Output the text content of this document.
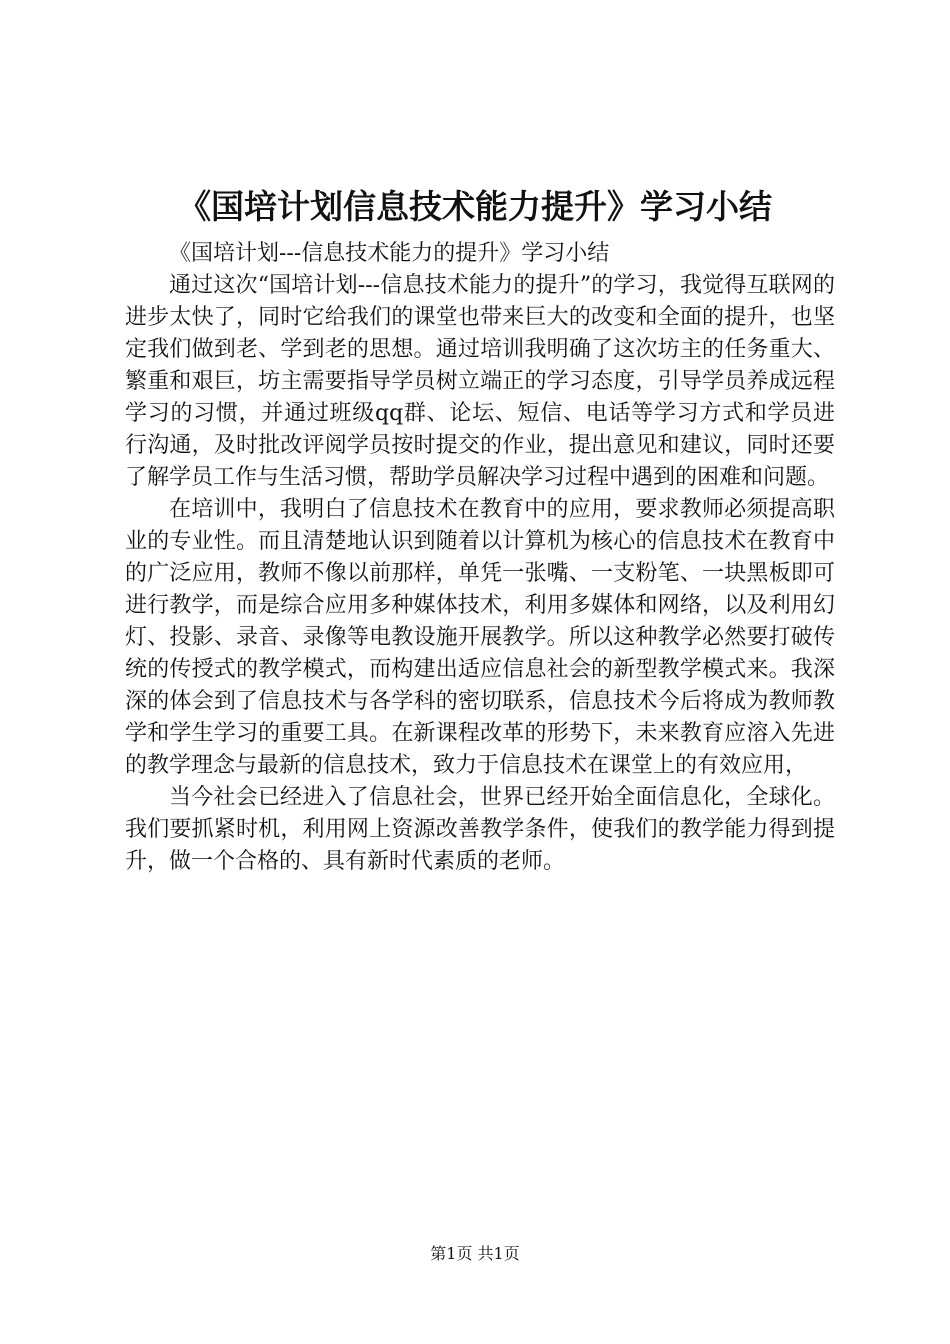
《国培计划信息技术能力提升》学习小结

《国培计划---信息技术能力的提升》学习小结

通过这次“国培计划---信息技术能力的提升”的学习，我觉得互联网的进步太快了，同时它给我们的课堂也带来巨大的改变和全面的提升，也坚定我们做到老、学到老的思想。通过培训我明确了这次坊主的任务重大、繁重和艰巨，坊主需要指导学员树立端正的学习态度，引导学员养成远程学习的习惯，并通过班级qq群、论坛、短信、电话等学习方式和学员进行沟通，及时批改评阅学员按时提交的作业，提出意见和建议，同时还要了解学员工作与生活习惯，帮助学员解决学习过程中遇到的困难和问题。

在培训中，我明白了信息技术在教育中的应用，要求教师必须提高职业的专业性。而且清楚地认识到随着以计算机为核心的信息技术在教育中的广泛应用，教师不像以前那样，单凭一张嘴、一支粉笔、一块黑板即可进行教学，而是综合应用多种媒体技术，利用多媒体和网络，以及利用幻灯、投影、录音、录像等电教设施开展教学。所以这种教学必然要打破传统的传授式的教学模式，而构建出适应信息社会的新型教学模式来。我深深的体会到了信息技术与各学科的密切联系，信息技术今后将成为教师教学和学生学习的重要工具。在新课程改革的形势下，未来教育应溶入先进的教学理念与最新的信息技术，致力于信息技术在课堂上的有效应用，

当今社会已经进入了信息社会，世界已经开始全面信息化，全球化。我们要抓紧时机，利用网上资源改善教学条件，使我们的教学能力得到提升，做一个合格的、具有新时代素质的老师。

第1页 共1页
